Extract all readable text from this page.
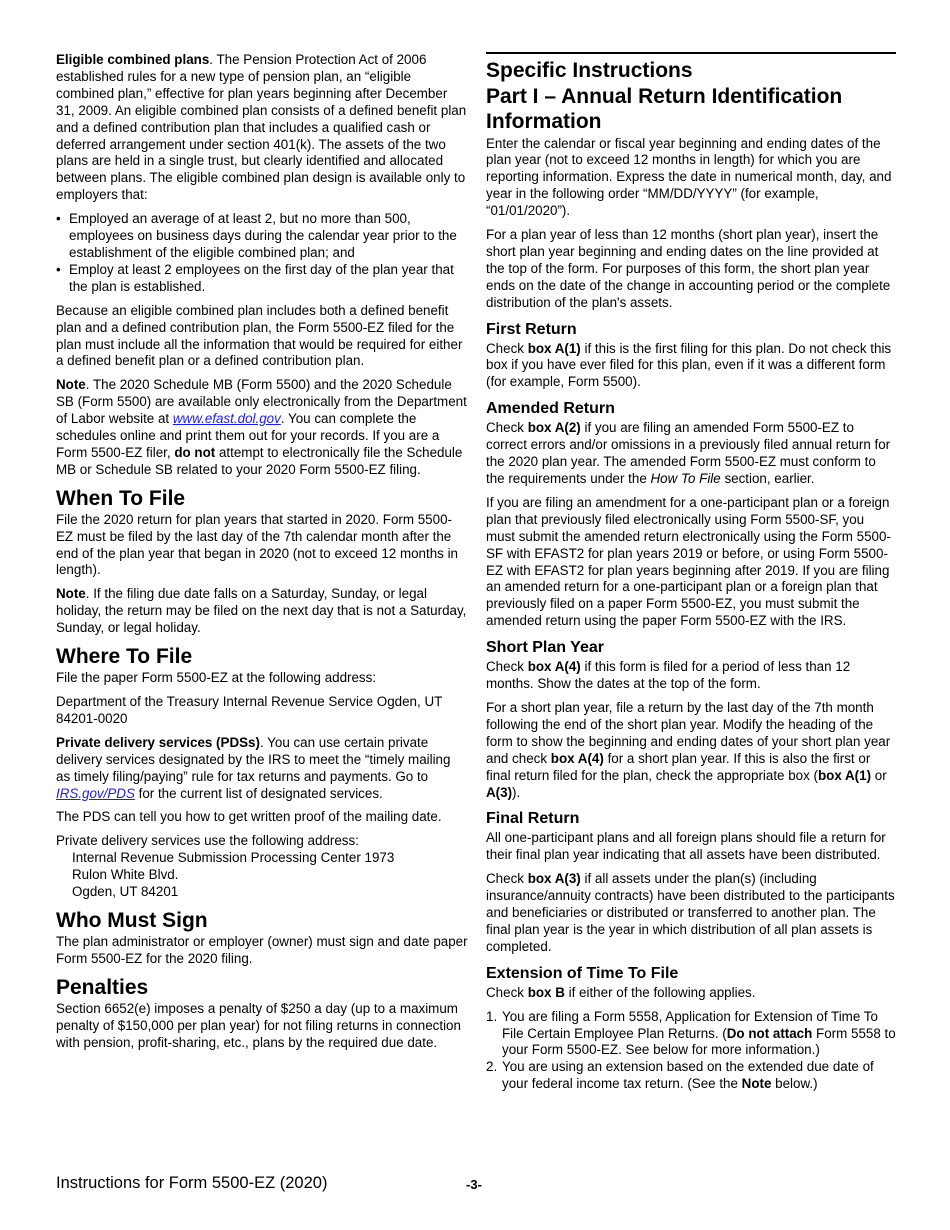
Eligible combined plans. The Pension Protection Act of 2006 established rules for a new type of pension plan, an “eligible combined plan,” effective for plan years beginning after December 31, 2009. An eligible combined plan consists of a defined benefit plan and a defined contribution plan that includes a qualified cash or deferred arrangement under section 401(k). The assets of the two plans are held in a single trust, but clearly identified and allocated between plans. The eligible combined plan design is available only to employers that:

• Employed an average of at least 2, but no more than 500, employees on business days during the calendar year prior to the establishment of the eligible combined plan; and
• Employ at least 2 employees on the first day of the plan year that the plan is established.

Because an eligible combined plan includes both a defined benefit plan and a defined contribution plan, the Form 5500-EZ filed for the plan must include all the information that would be required for either a defined benefit plan or a defined contribution plan.

Note. The 2020 Schedule MB (Form 5500) and the 2020 Schedule SB (Form 5500) are available only electronically from the Department of Labor website at www.efast.dol.gov. You can complete the schedules online and print them out for your records. If you are a Form 5500-EZ filer, do not attempt to electronically file the Schedule MB or Schedule SB related to your 2020 Form 5500-EZ filing.

When To File

File the 2020 return for plan years that started in 2020. Form 5500-EZ must be filed by the last day of the 7th calendar month after the end of the plan year that began in 2020 (not to exceed 12 months in length).

Note. If the filing due date falls on a Saturday, Sunday, or legal holiday, the return may be filed on the next day that is not a Saturday, Sunday, or legal holiday.

Where To File

File the paper Form 5500-EZ at the following address:

Department of the Treasury Internal Revenue Service Ogden, UT 84201-0020

Private delivery services (PDSs). You can use certain private delivery services designated by the IRS to meet the “timely mailing as timely filing/paying” rule for tax returns and payments. Go to IRS.gov/PDS for the current list of designated services.

The PDS can tell you how to get written proof of the mailing date.

Private delivery services use the following address:
Internal Revenue Submission Processing Center 1973
Rulon White Blvd.
Ogden, UT 84201
Who Must Sign

The plan administrator or employer (owner) must sign and date paper Form 5500-EZ for the 2020 filing.

Penalties

Section 6652(e) imposes a penalty of $250 a day (up to a maximum penalty of $150,000 per plan year) for not filing returns in connection with pension, profit-sharing, etc., plans by the required due date.

Specific Instructions
Part I – Annual Return Identification
Information

Enter the calendar or fiscal year beginning and ending dates of the plan year (not to exceed 12 months in length) for which you are reporting information. Express the date in numerical month, day, and year in the following order “MM/DD/YYYY” (for example, “01/01/2020”).

For a plan year of less than 12 months (short plan year), insert the short plan year beginning and ending dates on the line provided at the top of the form. For purposes of this form, the short plan year ends on the date of the change in accounting period or the complete distribution of the plan's assets.

First Return

Check box A(1) if this is the first filing for this plan. Do not check this box if you have ever filed for this plan, even if it was a different form (for example, Form 5500).

Amended Return

Check box A(2) if you are filing an amended Form 5500-EZ to correct errors and/or omissions in a previously filed annual return for the 2020 plan year. The amended Form 5500-EZ must conform to the requirements under the How To File section, earlier.

If you are filing an amendment for a one-participant plan or a foreign plan that previously filed electronically using Form 5500-SF, you must submit the amended return electronically using the Form 5500-SF with EFAST2 for plan years 2019 or before, or using Form 5500-EZ with EFAST2 for plan years beginning after 2019. If you are filing an amended return for a one-participant plan or a foreign plan that previously filed on a paper Form 5500-EZ, you must submit the amended return using the paper Form 5500-EZ with the IRS.

Short Plan Year

Check box A(4) if this form is filed for a period of less than 12 months. Show the dates at the top of the form.

For a short plan year, file a return by the last day of the 7th month following the end of the short plan year. Modify the heading of the form to show the beginning and ending dates of your short plan year and check box A(4) for a short plan year. If this is also the first or final return filed for the plan, check the appropriate box (box A(1) or A(3)).

Final Return

All one-participant plans and all foreign plans should file a return for their final plan year indicating that all assets have been distributed.

Check box A(3) if all assets under the plan(s) (including insurance/annuity contracts) have been distributed to the participants and beneficiaries or distributed or transferred to another plan. The final plan year is the year in which distribution of all plan assets is completed.

Extension of Time To File

Check box B if either of the following applies.

1. You are filing a Form 5558, Application for Extension of Time To File Certain Employee Plan Returns. (Do not attach Form 5558 to your Form 5500-EZ. See below for more information.)
2. You are using an extension based on the extended due date of your federal income tax return. (See the Note below.)
Instructions for Form 5500-EZ (2020)	-3-
